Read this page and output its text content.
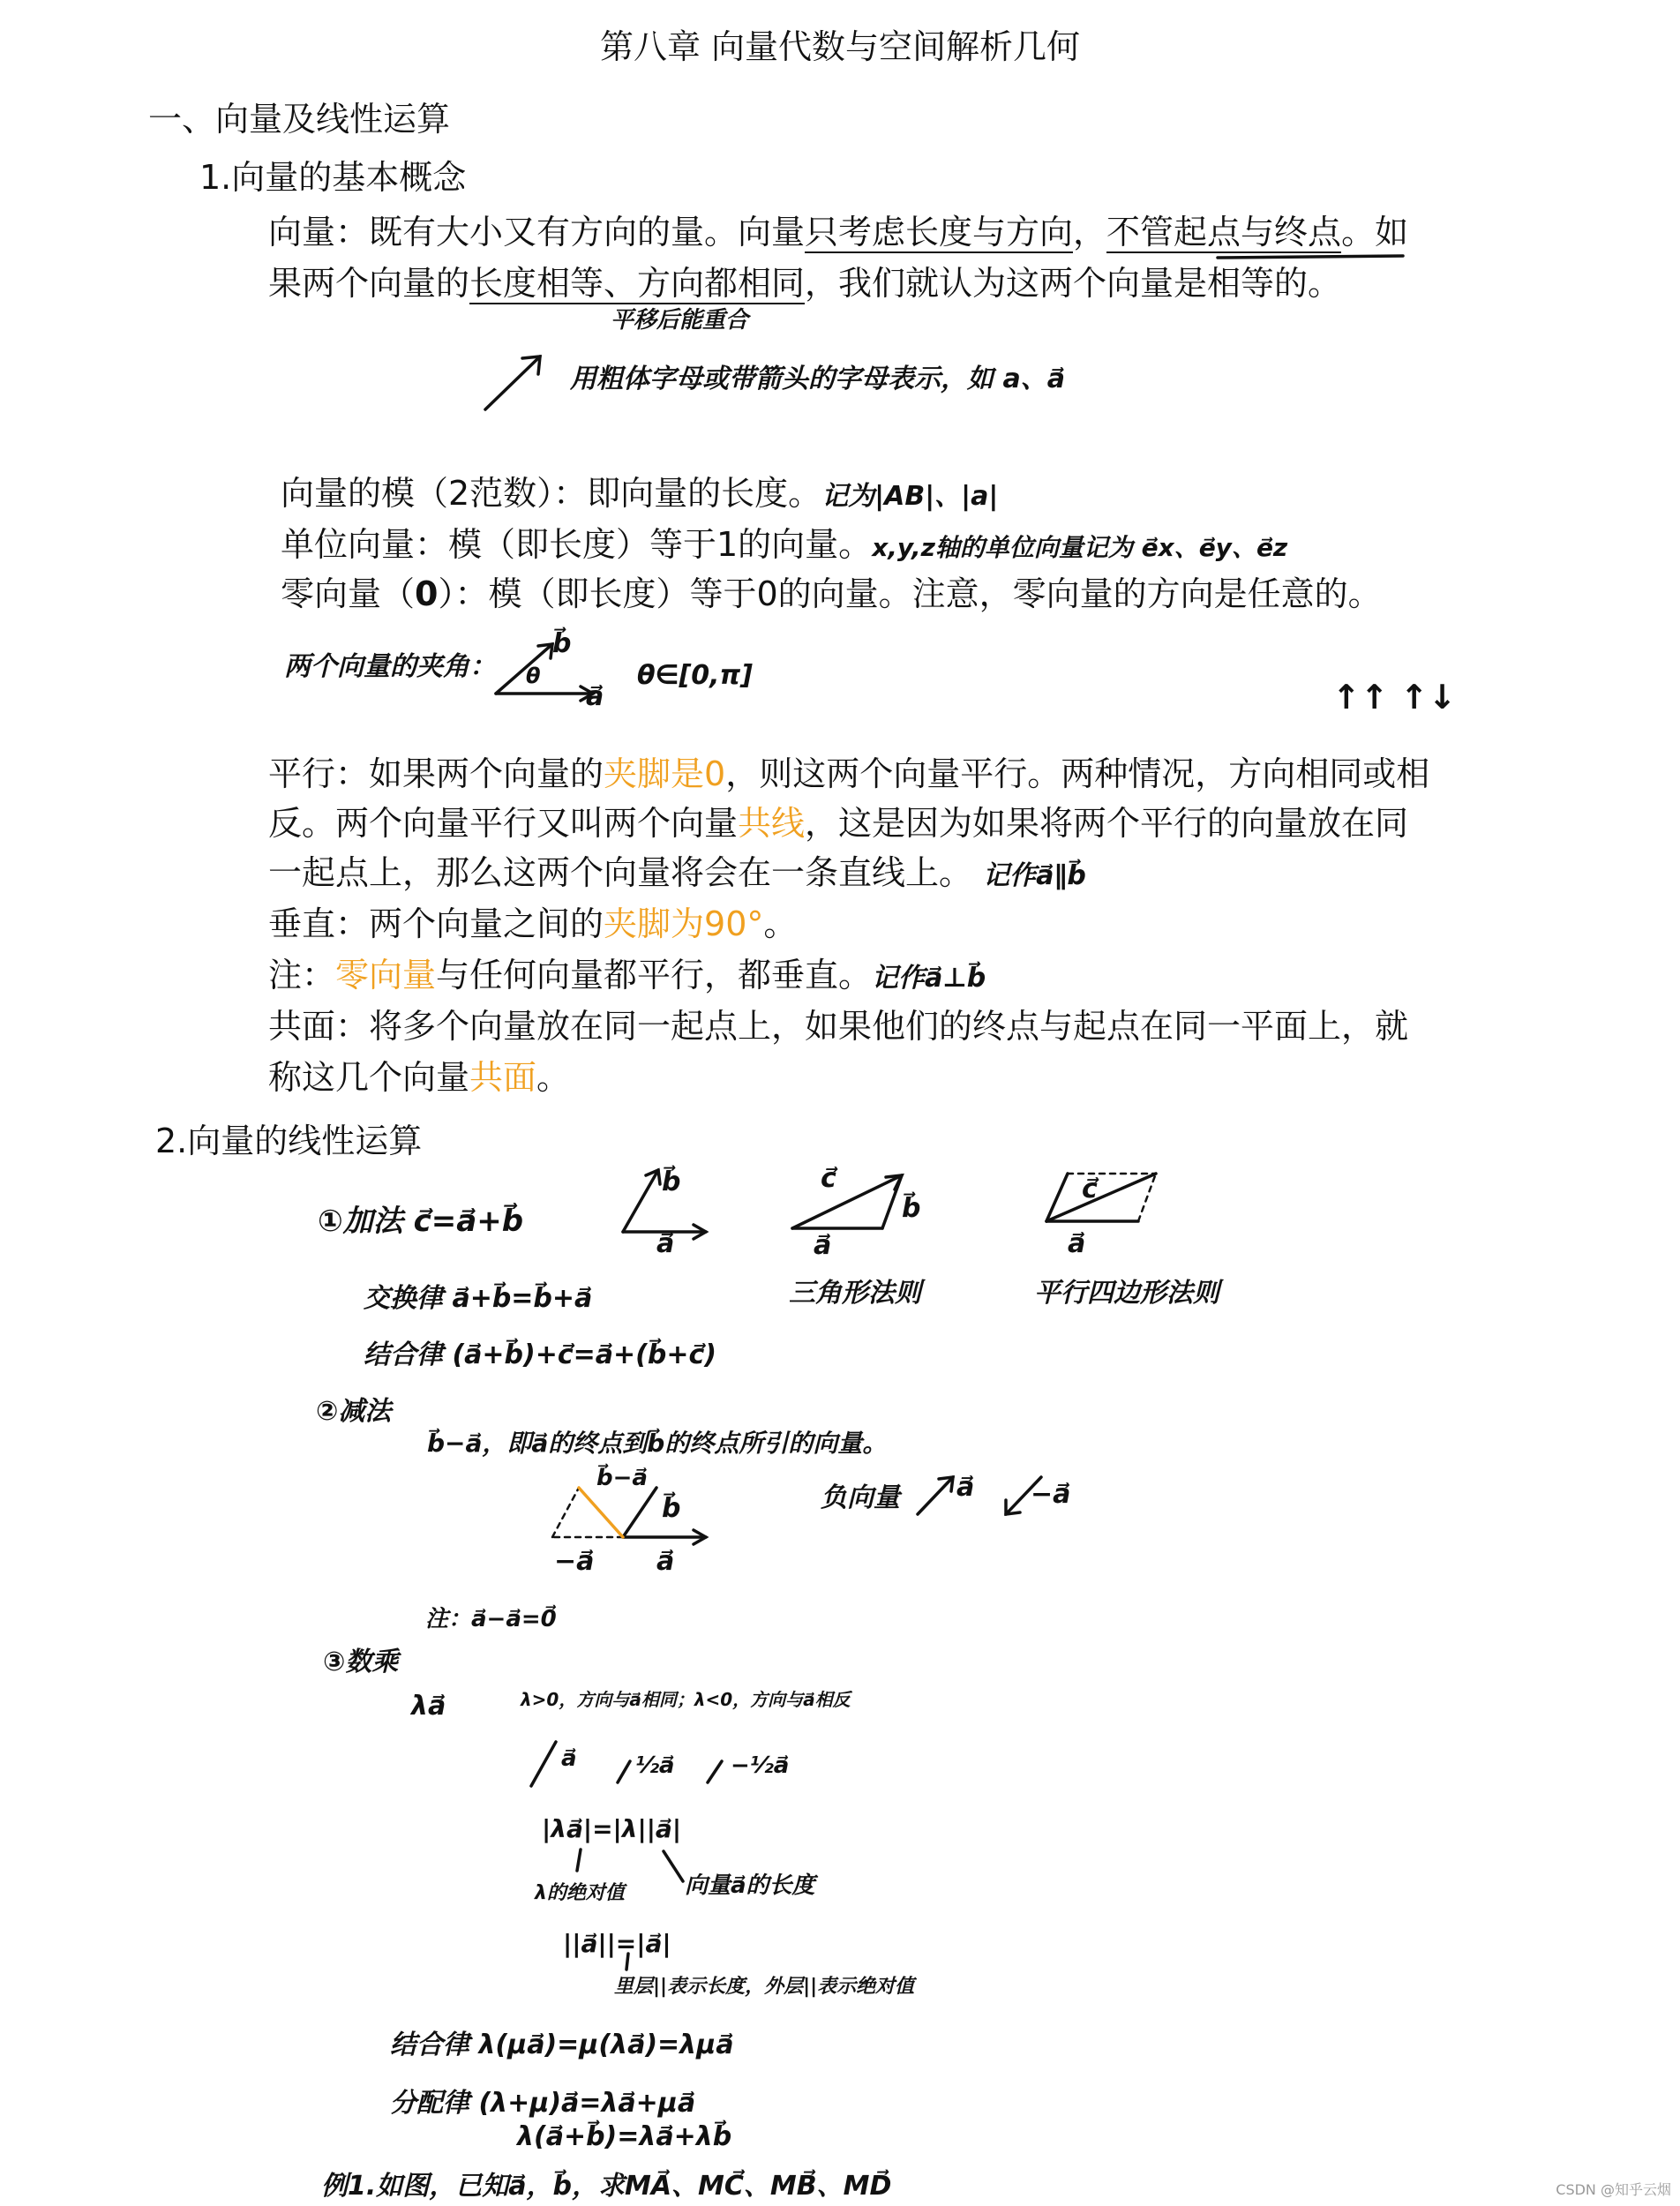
第八章 向量代数与空间解析几何
一、向量及线性运算
1.向量的基本概念
向量：既有大小又有方向的量。向量只考虑长度与方向，不管起点与终点。如
果两个向量的长度相等、方向都相同，我们就认为这两个向量是相等的。
平移后能重合
用粗体字母或带箭头的字母表示，如 a、a⃗
向量的模（2范数）：即向量的长度。记为|AB|、|a|
单位向量：模（即长度）等于1的向量。x,y,z轴的单位向量记为 e⃗x、e⃗y、e⃗z
零向量（0）：模（即长度）等于0的向量。注意，零向量的方向是任意的。
两个向量的夹角：
b⃗
θ
a⃗
θ∈[0,π]
↑↑ ↑↓
平行：如果两个向量的夹脚是0，则这两个向量平行。两种情况，方向相同或相
反。两个向量平行又叫两个向量共线，这是因为如果将两个平行的向量放在同
一起点上，那么这两个向量将会在一条直线上。 记作a⃗∥b⃗
垂直：两个向量之间的夹脚为90°。
注：零向量与任何向量都平行，都垂直。记作a⃗⊥b⃗
共面：将多个向量放在同一起点上，如果他们的终点与起点在同一平面上，就
称这几个向量共面。
2.向量的线性运算
①加法 c⃗=a⃗+b⃗
b⃗
a⃗
c⃗
b⃗
a⃗
c⃗
a⃗
三角形法则	平行四边形法则
交换律 a⃗+b⃗=b⃗+a⃗
结合律 (a⃗+b⃗)+c⃗=a⃗+(b⃗+c⃗)
②减法
b⃗−a⃗，即a⃗的终点到b⃗的终点所引的向量。
b⃗−a⃗
b⃗
−a⃗ a⃗
负向量 a⃗ −a⃗
注：a⃗−a⃗=0⃗
③数乘
λa⃗	λ>0，方向与a⃗相同；λ<0，方向与a⃗相反
a⃗	½a⃗ −½a⃗
|λa⃗|=|λ||a⃗|
λ的绝对值	向量a⃗的长度
||a⃗||=|a⃗|
里层||表示长度，外层||表示绝对值
结合律 λ(μa⃗)=μ(λa⃗)=λμa⃗
分配律 (λ+μ)a⃗=λa⃗+μa⃗
λ(a⃗+b⃗)=λa⃗+λb⃗
例1.如图，已知a⃗，b⃗，求MA⃗、MC⃗、MB⃗、MD⃗	CSDN @知乎云烟
